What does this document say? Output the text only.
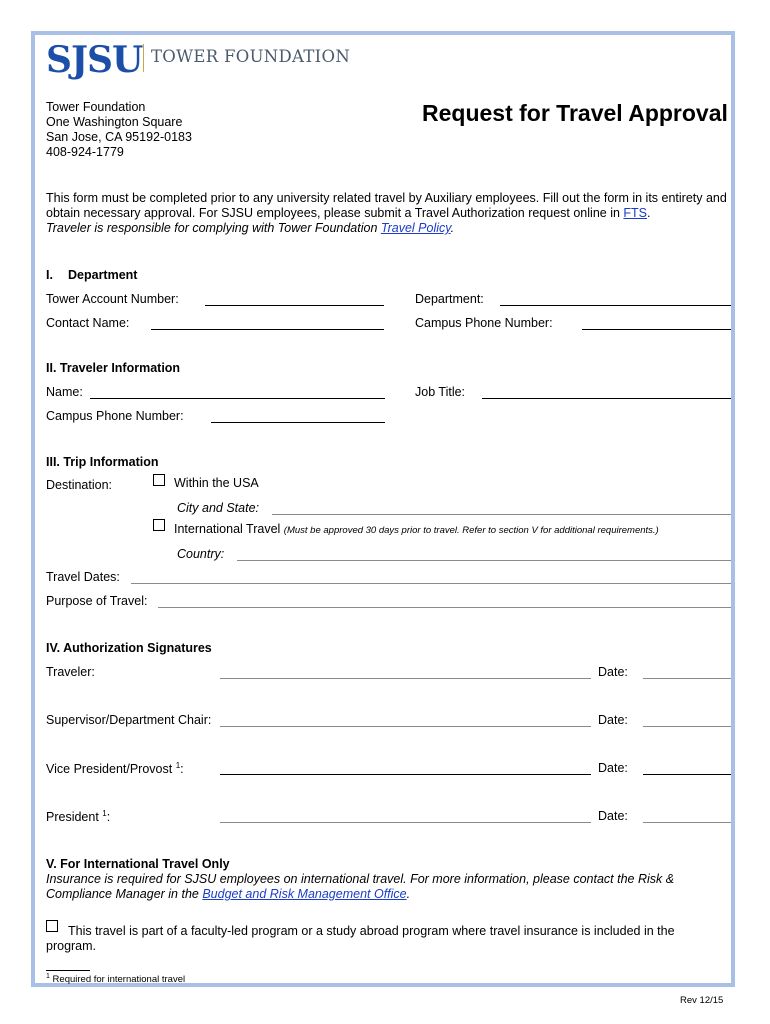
SJSU TOWER FOUNDATION
Tower Foundation
One Washington Square
San Jose, CA 95192-0183
408-924-1779
Request for Travel Approval
This form must be completed prior to any university related travel by Auxiliary employees. Fill out the form in its entirety and obtain necessary approval. For SJSU employees, please submit a Travel Authorization request online in FTS.
Traveler is responsible for complying with Tower Foundation Travel Policy.
I. Department
Tower Account Number:	Department:
Contact Name:	Campus Phone Number:
II. Traveler Information
Name:	Job Title:
Campus Phone Number:
III. Trip Information
Destination:	Within the USA
City and State:
International Travel (Must be approved 30 days prior to travel. Refer to section V for additional requirements.)
Country:
Travel Dates:
Purpose of Travel:
IV. Authorization Signatures
Traveler:	Date:
Supervisor/Department Chair:	Date:
Vice President/Provost $^1$:	Date:
President $^1$:	Date:
V. For International Travel Only
Insurance is required for SJSU employees on international travel. For more information, please contact the Risk & Compliance Manager in the Budget and Risk Management Office.
This travel is part of a faculty-led program or a study abroad program where travel insurance is included in the program.
$^1$ Required for international travel
Rev 12/15
